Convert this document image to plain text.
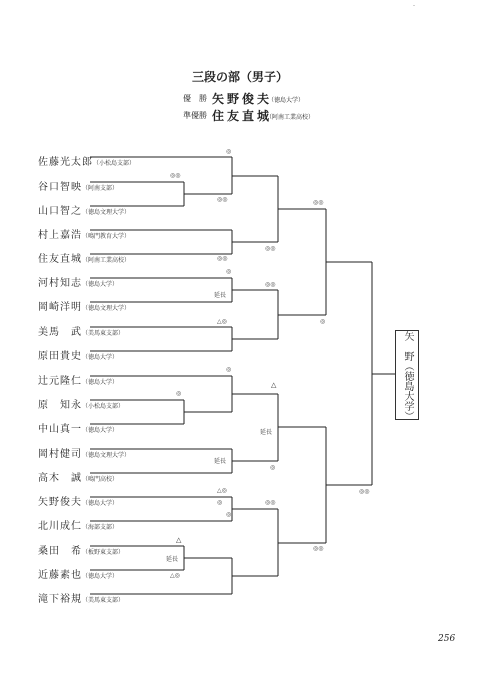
-
三段の部（男子）
優　勝 矢野俊夫
（徳島大学）
準優勝 住友直城
（阿南工業高校）
佐藤光太郎（小松島支部）
谷口智映（阿南支部）
山口智之（徳島文理大学）
村上嘉浩（鳴門教育大学）
住友直城（阿南工業高校）
河村知志（徳島大学）
岡崎洋明（徳島文理大学）
美馬　武（美馬東支部）
原田貴史（徳島大学）
辻元隆仁（徳島大学）
原　知永（小松島支部）
中山真一（徳島大学）
岡村健司（徳島文理大学）
高木　誠（鳴門高校）
矢野俊夫（徳島大学）
北川成仁（海部支部）
桑田　希（板野東支部）
近藤素也（徳島大学）
滝下裕規（美馬東支部）
◎
◎◎
◎◎	◎◎
◎◎
◎◎
◎
◎◎
◎
△◎
◎
◎
◎
△◎
◎	◎◎
◎◎
◎◎
△◎
◎
延長
延長
延長
延長
△
△
矢　野（徳島大学）
256
